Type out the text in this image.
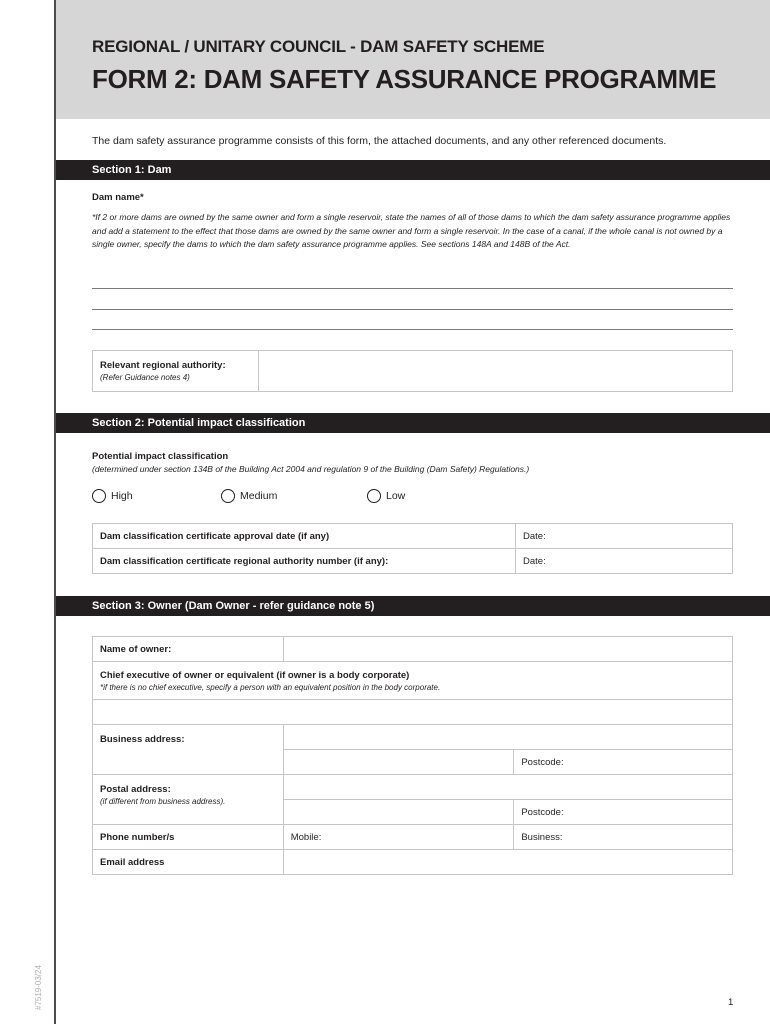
#7519-03/24
REGIONAL / UNITARY COUNCIL - DAM SAFETY SCHEME
FORM 2: DAM SAFETY ASSURANCE PROGRAMME
The dam safety assurance programme consists of this form, the attached documents, and any other referenced documents.
Section 1: Dam
Dam name*
*If 2 or more dams are owned by the same owner and form a single reservoir, state the names of all of those dams to which the dam safety assurance programme applies and add a statement to the effect that those dams are owned by the same owner and form a single reservoir. In the case of a canal, if the whole canal is not owned by a single owner, specify the dams to which the dam safety assurance programme applies. See sections 148A and 148B of the Act.
Relevant regional authority:
(Refer Guidance notes 4)

Section 2: Potential impact classification
Potential impact classification
(determined under section 134B of the Building Act 2004 and regulation 9 of the Building (Dam Safety) Regulations.)
High	Medium	Low
Dam classification certificate approval date (if any)	Date:
Dam classification certificate regional authority number (if any):	Date:
Section 3: Owner (Dam Owner - refer guidance note 5)
Name of owner:		

Chief executive of owner or equivalent (if owner is a body corporate)
*if there is no chief executive, specify a person with an equivalent position in the body corporate.		

Business address:		
		Postcode:

Postal address:
(if different from business address).		

		Postcode:
Phone number/s	Mobile:	Business:
Email address		
1
